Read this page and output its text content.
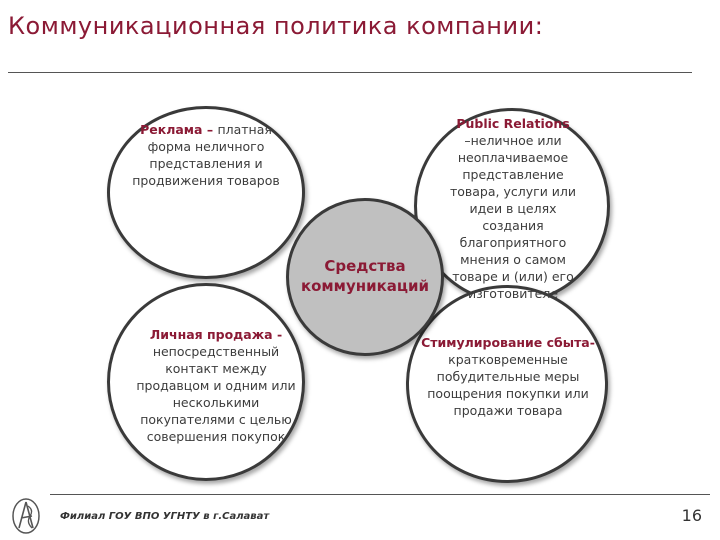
Коммуникационная политика компании:
Реклама – платная форма неличного представления и продвижения товаров
Личная продажа - непосредственный контакт между продавцом и одним или несколькими покупателями с целью совершения покупок
Стимулирование сбыта-кратковременные побудительные меры поощрения покупки или продажи товара
Public Relations
–неличное или неоплачиваемое представление товара, услуги или идеи в целях создания благоприятного мнения о самом товаре и (или) его изготовителе
Средства
коммуникаций
Филиал ГОУ ВПО УГНТУ в г.Салават	16
